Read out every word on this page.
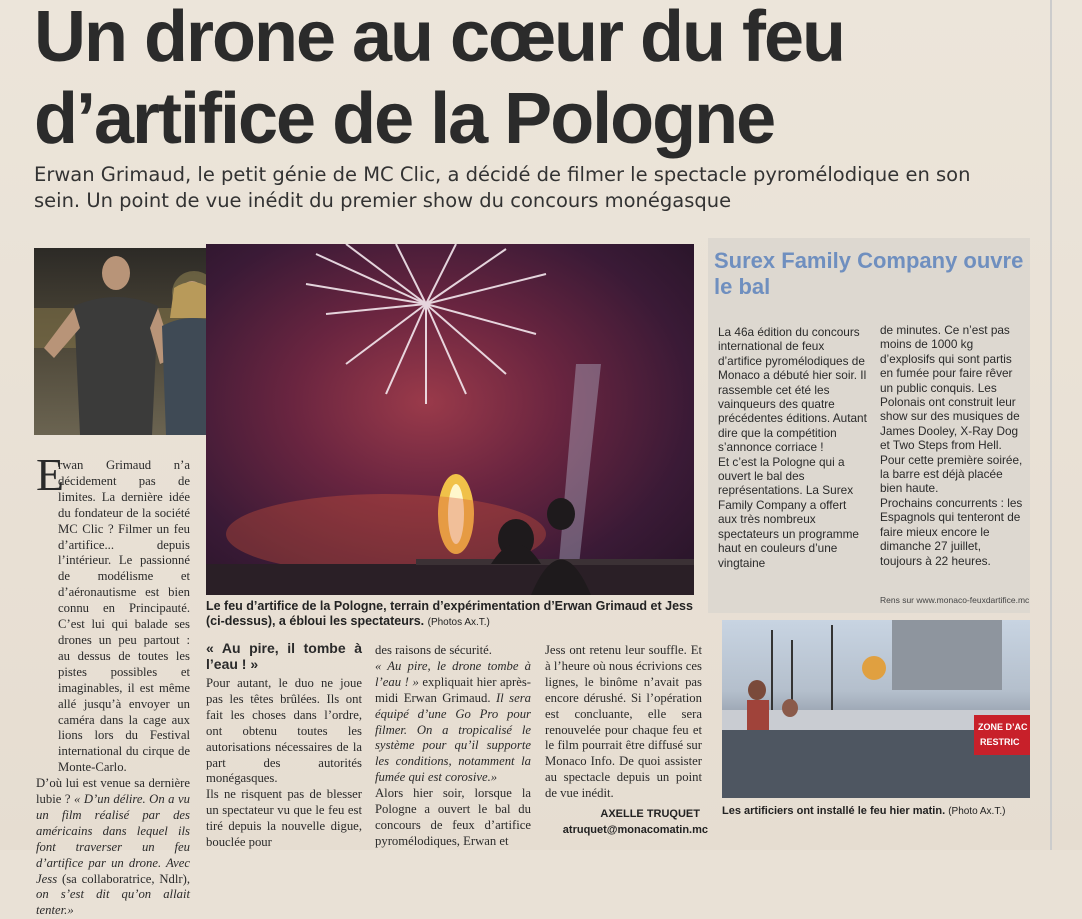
Un drone au cœur du feu
d’artifice de la Pologne
Erwan Grimaud, le petit génie de MC Clic, a décidé de filmer le spectacle pyromélodique en son sein. Un point de vue inédit du premier show du concours monégasque
Le feu d’artifice de la Pologne, terrain d’expérimentation d’Erwan Grimaud et Jess (ci-dessus), a ébloui les spectateurs. (Photos Ax.T.)
E

rwan Grimaud n’a décidement pas de limites. La dernière idée du fondateur de la société MC Clic ? Filmer un feu d’artifice... depuis l’intérieur. Le passionné de modélisme et d’aéronautisme est bien connu en Principauté. C’est lui qui balade ses drones un peu partout : au dessus de toutes les pistes possibles et imaginables, il est même allé jusqu’à envoyer un caméra dans la cage aux lions lors du Festival international du cirque de Monte-Carlo.

D’où lui est venue sa dernière lubie ? « D’un délire. On a vu un film réalisé par des américains dans lequel ils font traverser un feu d’artifice par un drone. Avec Jess (sa collaboratrice, Ndlr), on s’est dit qu’on allait tenter.»

« Au pire, il tombe à l’eau ! »

Pour autant, le duo ne joue pas les têtes brûlées. Ils ont fait les choses dans l’ordre, ont obtenu toutes les autorisations nécessaires de la part des autorités monégasques.

Ils ne risquent pas de blesser un spectateur vu que le feu est tiré depuis la nouvelle digue, bouclée pour

des raisons de sécurité.

« Au pire, le drone tombe à l’eau ! » expliquait hier après-midi Erwan Grimaud. Il sera équipé d’une Go Pro pour filmer. On a tropicalisé le système pour qu’il supporte les conditions, notamment la fumée qui est corosive.»

Alors hier soir, lorsque la Pologne a ouvert le bal du concours de feux d’artifice pyromélodiques, Erwan et

Jess ont retenu leur souffle. Et à l’heure où nous écrivions ces lignes, le binôme n’avait pas encore dérushé. Si l’opération est concluante, elle sera renouvelée pour chaque feu et le film pourrait être diffusé sur Monaco Info. De quoi assister au spectacle depuis un point de vue inédit.

AXELLE TRUQUET
atruquet@monacomatin.mc
Surex Family Company ouvre le bal

La 46a édition du concours international de feux d’artifice pyromélodiques de Monaco a débuté hier soir. Il rassemble cet été les vainqueurs des quatre précédentes éditions. Autant dire que la compétition s’annonce corriace !

Et c’est la Pologne qui a ouvert le bal des représentations. La Surex Family Company a offert aux très nombreux spectateurs un programme haut en couleurs d’une vingtaine

de minutes. Ce n’est pas moins de 1000 kg d’explosifs qui sont partis en fumée pour faire rêver un public conquis. Les Polonais ont construit leur show sur des musiques de James Dooley, X-Ray Dog et Two Steps from Hell. Pour cette première soirée, la barre est déjà placée bien haute.

Prochains concurrents : les Espagnols qui tenteront de faire mieux encore le dimanche 27 juillet, toujours à 22 heures.

Rens sur www.monaco-feuxdartifice.mc
ZONE D’AC
RESTRIC
Les artificiers ont installé le feu hier matin. (Photo Ax.T.)
